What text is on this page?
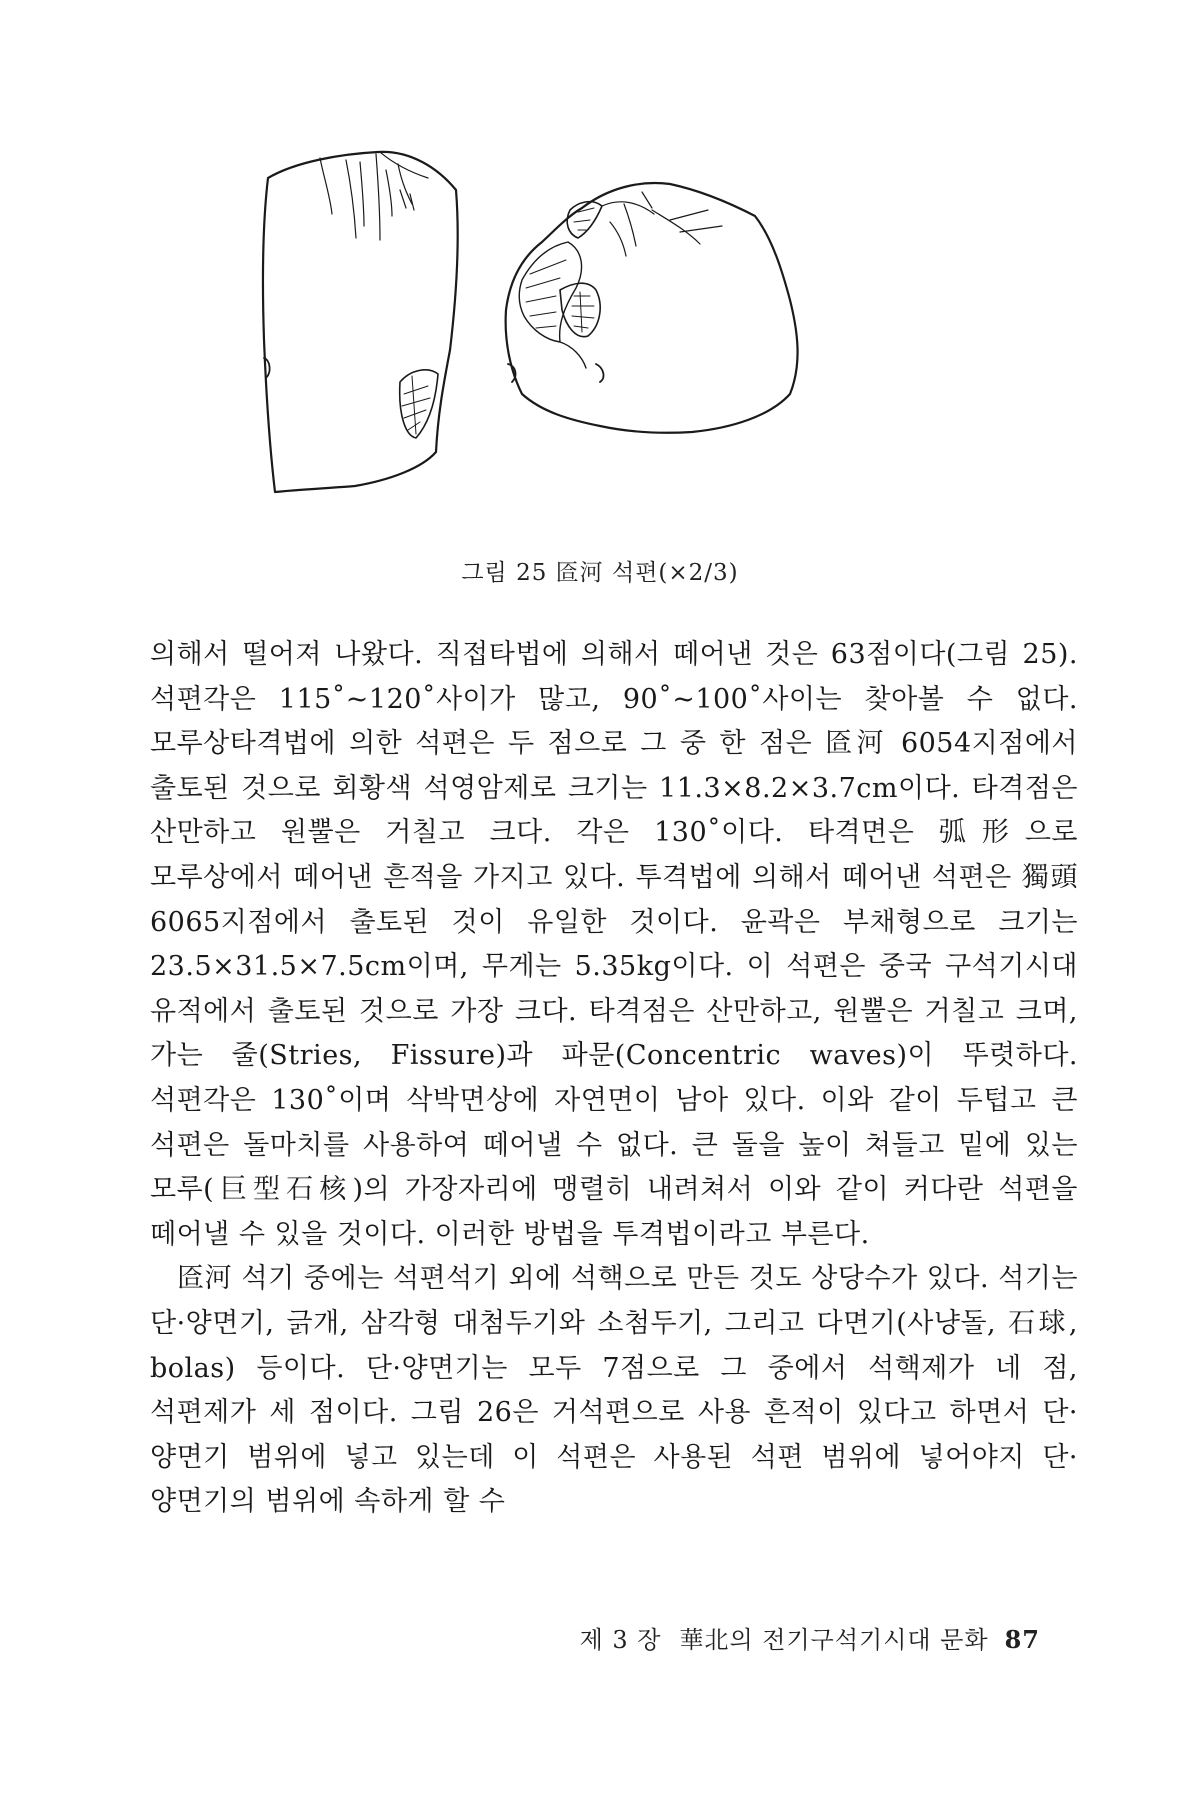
그림 25 匼河 석편(×2/3)

의해서 떨어져 나왔다. 직접타법에 의해서 떼어낸 것은 63점이다(그림 25). 석편각은 115˚~120˚사이가 많고, 90˚~100˚사이는 찾아볼 수 없다. 모루상타격법에 의한 석편은 두 점으로 그 중 한 점은 匼河 6054지점에서 출토된 것으로 회황색 석영암제로 크기는 11.3×8.2×3.7cm이다. 타격점은 산만하고 원뿔은 거칠고 크다. 각은 130˚이다. 타격면은 弧形으로 모루상에서 떼어낸 흔적을 가지고 있다. 투격법에 의해서 떼어낸 석편은 獨頭 6065지점에서 출토된 것이 유일한 것이다. 윤곽은 부채형으로 크기는 23.5×31.5×7.5cm이며, 무게는 5.35kg이다. 이 석편은 중국 구석기시대 유적에서 출토된 것으로 가장 크다. 타격점은 산만하고, 원뿔은 거칠고 크며, 가는 줄(Stries, Fissure)과 파문(Concentric waves)이 뚜렷하다. 석편각은 130˚이며 삭박면상에 자연면이 남아 있다. 이와 같이 두텁고 큰 석편은 돌마치를 사용하여 떼어낼 수 없다. 큰 돌을 높이 쳐들고 밑에 있는 모루(巨型石核)의 가장자리에 맹렬히 내려쳐서 이와 같이 커다란 석편을 떼어낼 수 있을 것이다. 이러한 방법을 투격법이라고 부른다.

匼河 석기 중에는 석편석기 외에 석핵으로 만든 것도 상당수가 있다. 석기는 단·양면기, 긁개, 삼각형 대첨두기와 소첨두기, 그리고 다면기(사냥돌, 石球, bolas) 등이다. 단·양면기는 모두 7점으로 그 중에서 석핵제가 네 점, 석편제가 세 점이다. 그림 26은 거석편으로 사용 흔적이 있다고 하면서 단·양면기 범위에 넣고 있는데 이 석편은 사용된 석편 범위에 넣어야지 단·양면기의 범위에 속하게 할 수

제 3 장 華北의 전기구석기시대 문화 87
